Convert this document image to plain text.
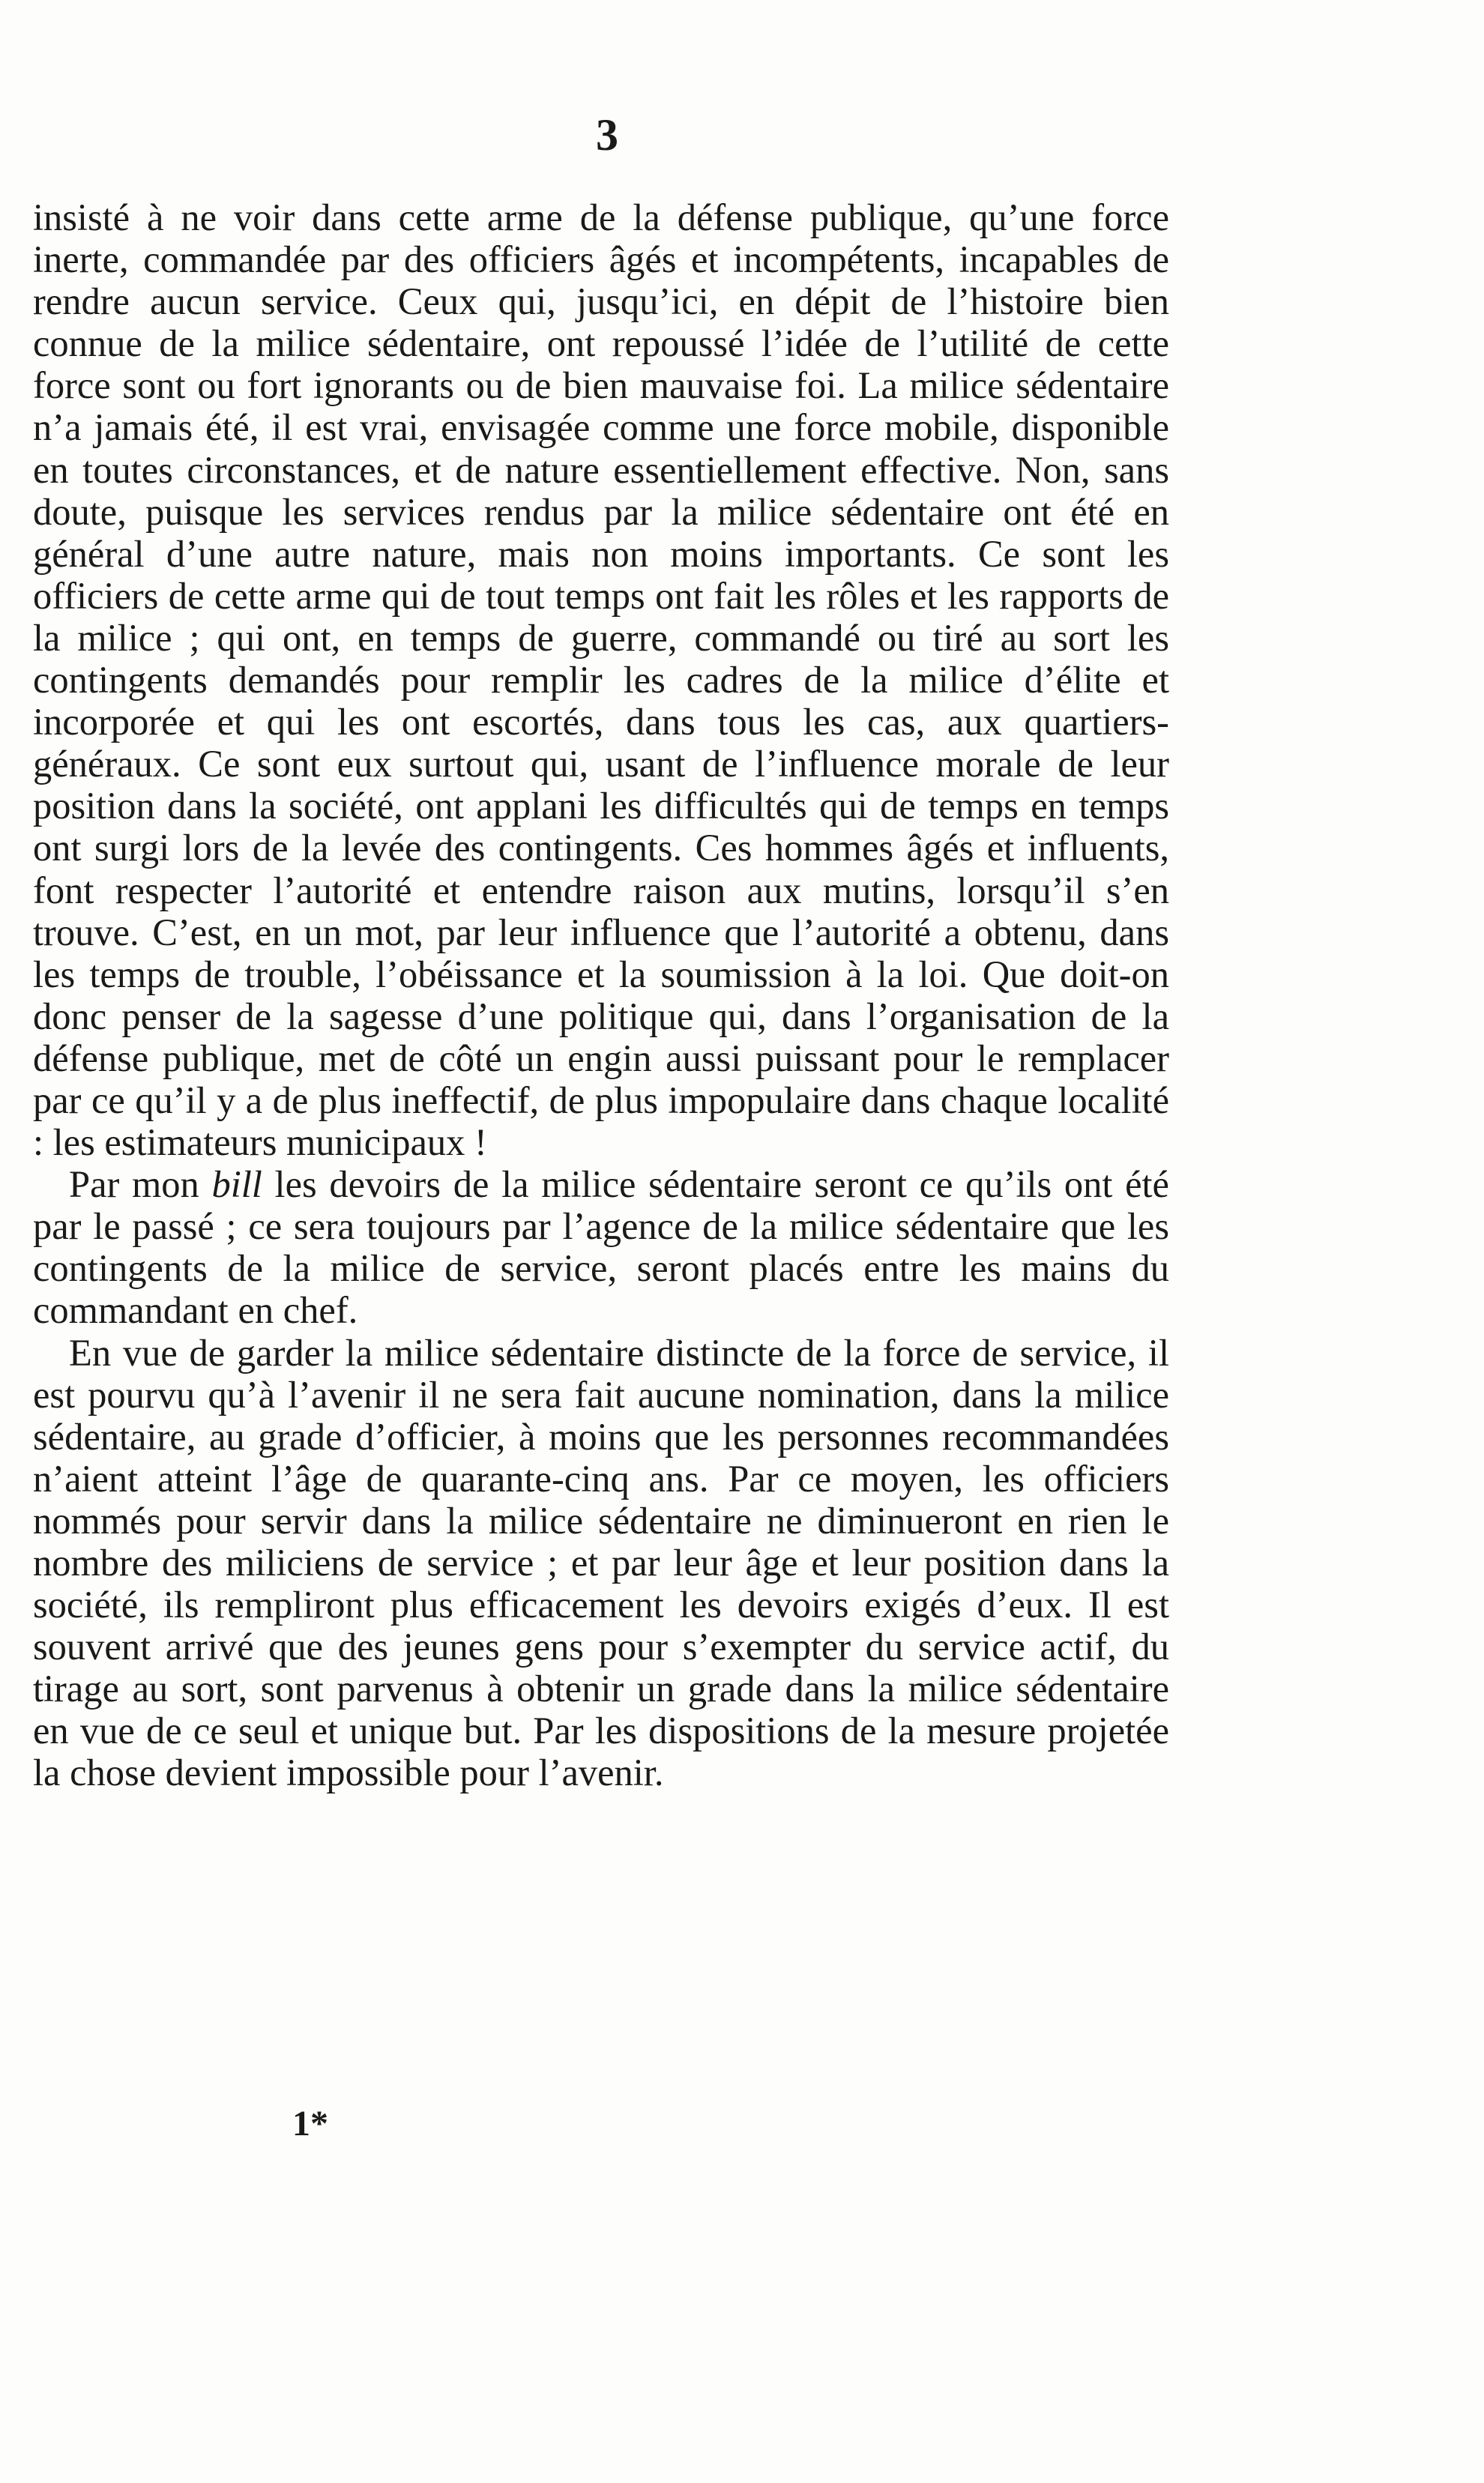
3

insisté à ne voir dans cette arme de la défense publique, qu’une force inerte, commandée par des officiers âgés et incompétents, incapables de rendre aucun service. Ceux qui, jusqu’ici, en dépit de l’histoire bien connue de la milice sédentaire, ont repoussé l’idée de l’utilité de cette force sont ou fort ignorants ou de bien mauvaise foi. La milice sédentaire n’a jamais été, il est vrai, envisagée comme une force mobile, disponible en toutes circonstances, et de nature essentiellement effective. Non, sans doute, puisque les services rendus par la milice sédentaire ont été en général d’une autre nature, mais non moins importants. Ce sont les officiers de cette arme qui de tout temps ont fait les rôles et les rapports de la milice ; qui ont, en temps de guerre, commandé ou tiré au sort les contingents demandés pour remplir les cadres de la milice d’élite et incorporée et qui les ont escortés, dans tous les cas, aux quartiers-généraux. Ce sont eux surtout qui, usant de l’influence morale de leur position dans la société, ont applani les difficultés qui de temps en temps ont surgi lors de la levée des contingents. Ces hommes âgés et influents, font respecter l’autorité et entendre raison aux mutins, lorsqu’il s’en trouve. C’est, en un mot, par leur influence que l’autorité a obtenu, dans les temps de trouble, l’obéissance et la soumission à la loi. Que doit-on donc penser de la sagesse d’une politique qui, dans l’organisation de la défense publique, met de côté un engin aussi puissant pour le remplacer par ce qu’il y a de plus ineffectif, de plus impopulaire dans chaque localité : les estimateurs municipaux !

Par mon bill les devoirs de la milice sédentaire seront ce qu’ils ont été par le passé ; ce sera toujours par l’agence de la milice sédentaire que les contingents de la milice de service, seront placés entre les mains du commandant en chef.

En vue de garder la milice sédentaire distincte de la force de service, il est pourvu qu’à l’avenir il ne sera fait aucune nomination, dans la milice sédentaire, au grade d’officier, à moins que les personnes recommandées n’aient atteint l’âge de quarante-cinq ans. Par ce moyen, les officiers nommés pour servir dans la milice sédentaire ne diminueront en rien le nombre des miliciens de service ; et par leur âge et leur position dans la société, ils rempliront plus efficacement les devoirs exigés d’eux. Il est souvent arrivé que des jeunes gens pour s’exempter du service actif, du tirage au sort, sont parvenus à obtenir un grade dans la milice sédentaire en vue de ce seul et unique but. Par les dispositions de la mesure projetée la chose devient impossible pour l’avenir.

1*
